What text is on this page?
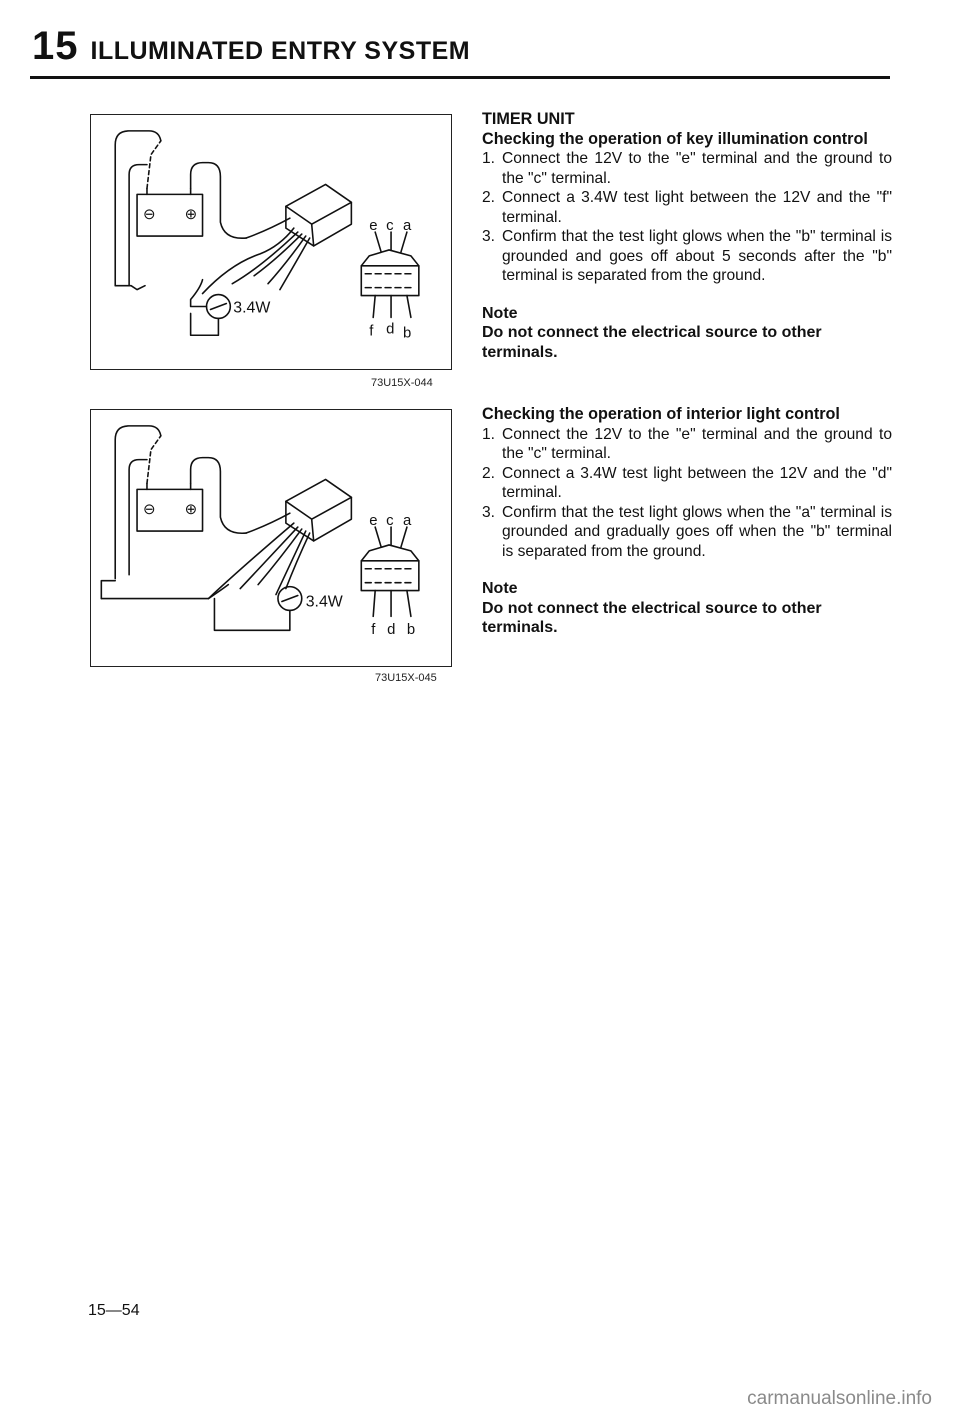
15 ILLUMINATED ENTRY SYSTEM
⊖ ⊕
3.4W
e c a
f d b
73U15X-044
⊖ ⊕
3.4W
e c a
f d b
73U15X-045
TIMER UNIT
Checking the operation of key illumination control
1. Connect the 12V to the "e" terminal and the ground to the "c" terminal.
2. Connect a 3.4W test light between the 12V and the "f" terminal.
3. Confirm that the test light glows when the "b" terminal is grounded and goes off about 5 seconds after the "b" terminal is separated from the ground.
Note
Do not connect the electrical source to other terminals.
Checking the operation of interior light control
1. Connect the 12V to the "e" terminal and the ground to the "c" terminal.
2. Connect a 3.4W test light between the 12V and the "d" terminal.
3. Confirm that the test light glows when the "a" terminal is grounded and gradually goes off when the "b" terminal is separated from the ground.
Note
Do not connect the electrical source to other terminals.
15—54
carmanualsonline.info
